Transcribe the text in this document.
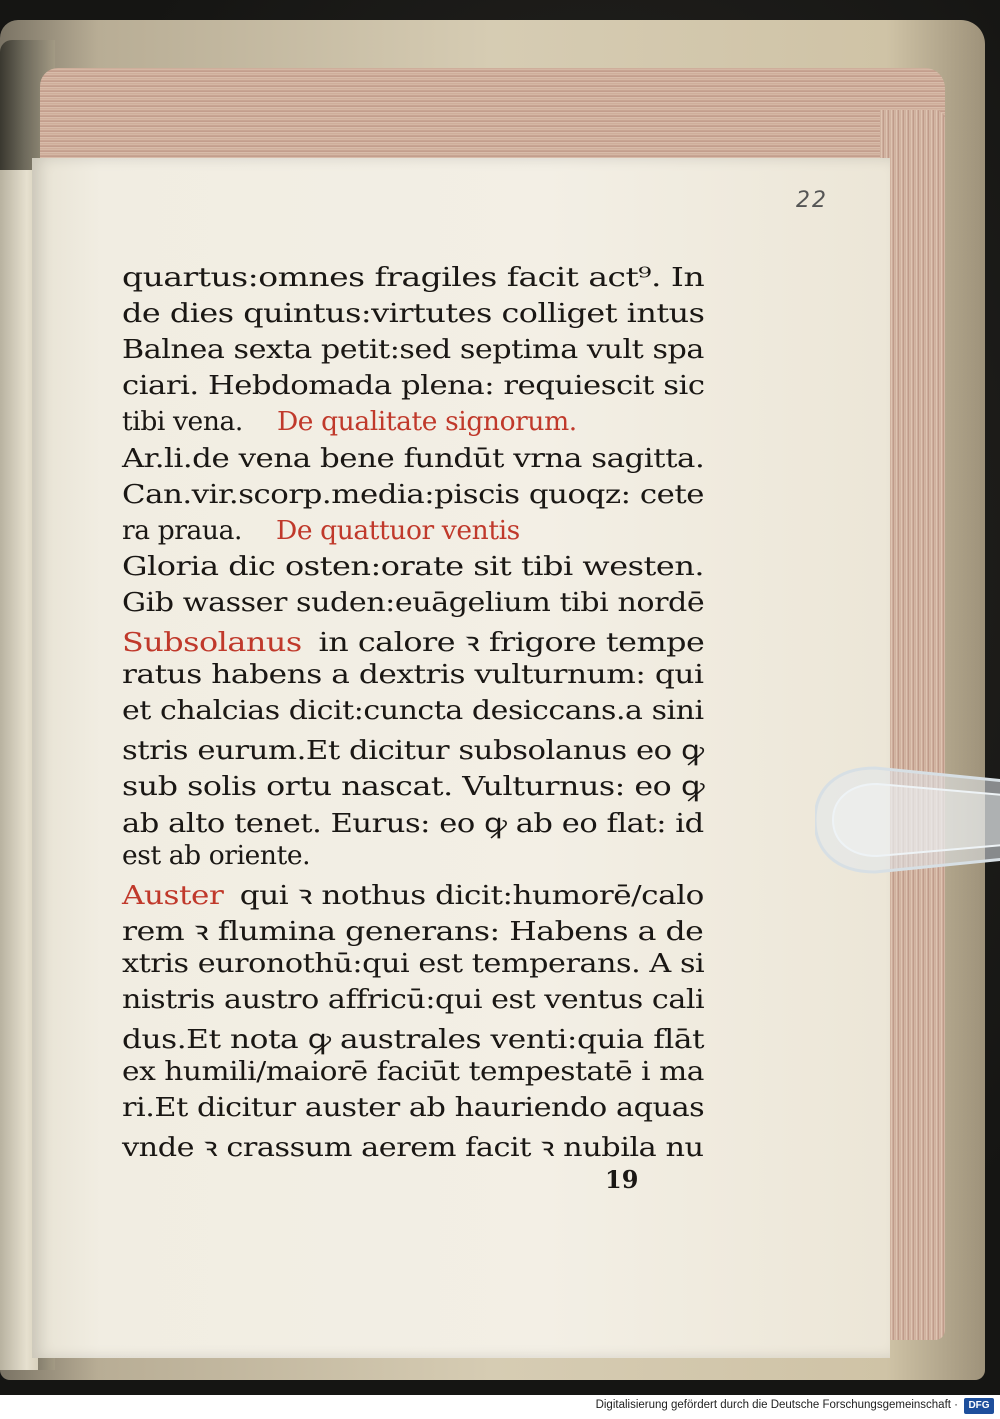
22
quartus:omnes fragiles facit act⁹. In
de dies quintus:virtutes colliget intus
Balnea sexta petit:sed septima vult spa
ciari. Hebdomada plena: requiescit sic
tibi vena. De qualitate signorum.
Ar.li.de vena bene fundūt vrna sagitta.
Can.vir.scorp.media:piscis quoqz: cete
ra praua. De quattuor ventis
Gloria dic osten:orate sit tibi westen.
Gib wasser suden:euāgelium tibi nordē
Subsolanus in calore ꝛ frigore tempe
ratus habens a dextris vulturnum: qui
et chalcias dicit:cuncta desiccans.a sini
stris eurum.Et dicitur subsolanus eo ꝙ
sub solis ortu nascat. Vulturnus: eo ꝙ
ab alto tenet. Eurus: eo ꝙ ab eo flat: id
est ab oriente.
Auster qui ꝛ nothus dicit:humorē/calo
rem ꝛ flumina generans: Habens a de
xtris euronothū:qui est temperans. A si
nistris austro affricū:qui est ventus cali
dus.Et nota ꝙ australes venti:quia flāt
ex humili/maiorē faciūt tempestatē i ma
ri.Et dicitur auster ab hauriendo aquas
vnde ꝛ crassum aerem facit ꝛ nubila nu
19
Digitalisierung gefördert durch die Deutsche Forschungsgemeinschaft ·	DFG
